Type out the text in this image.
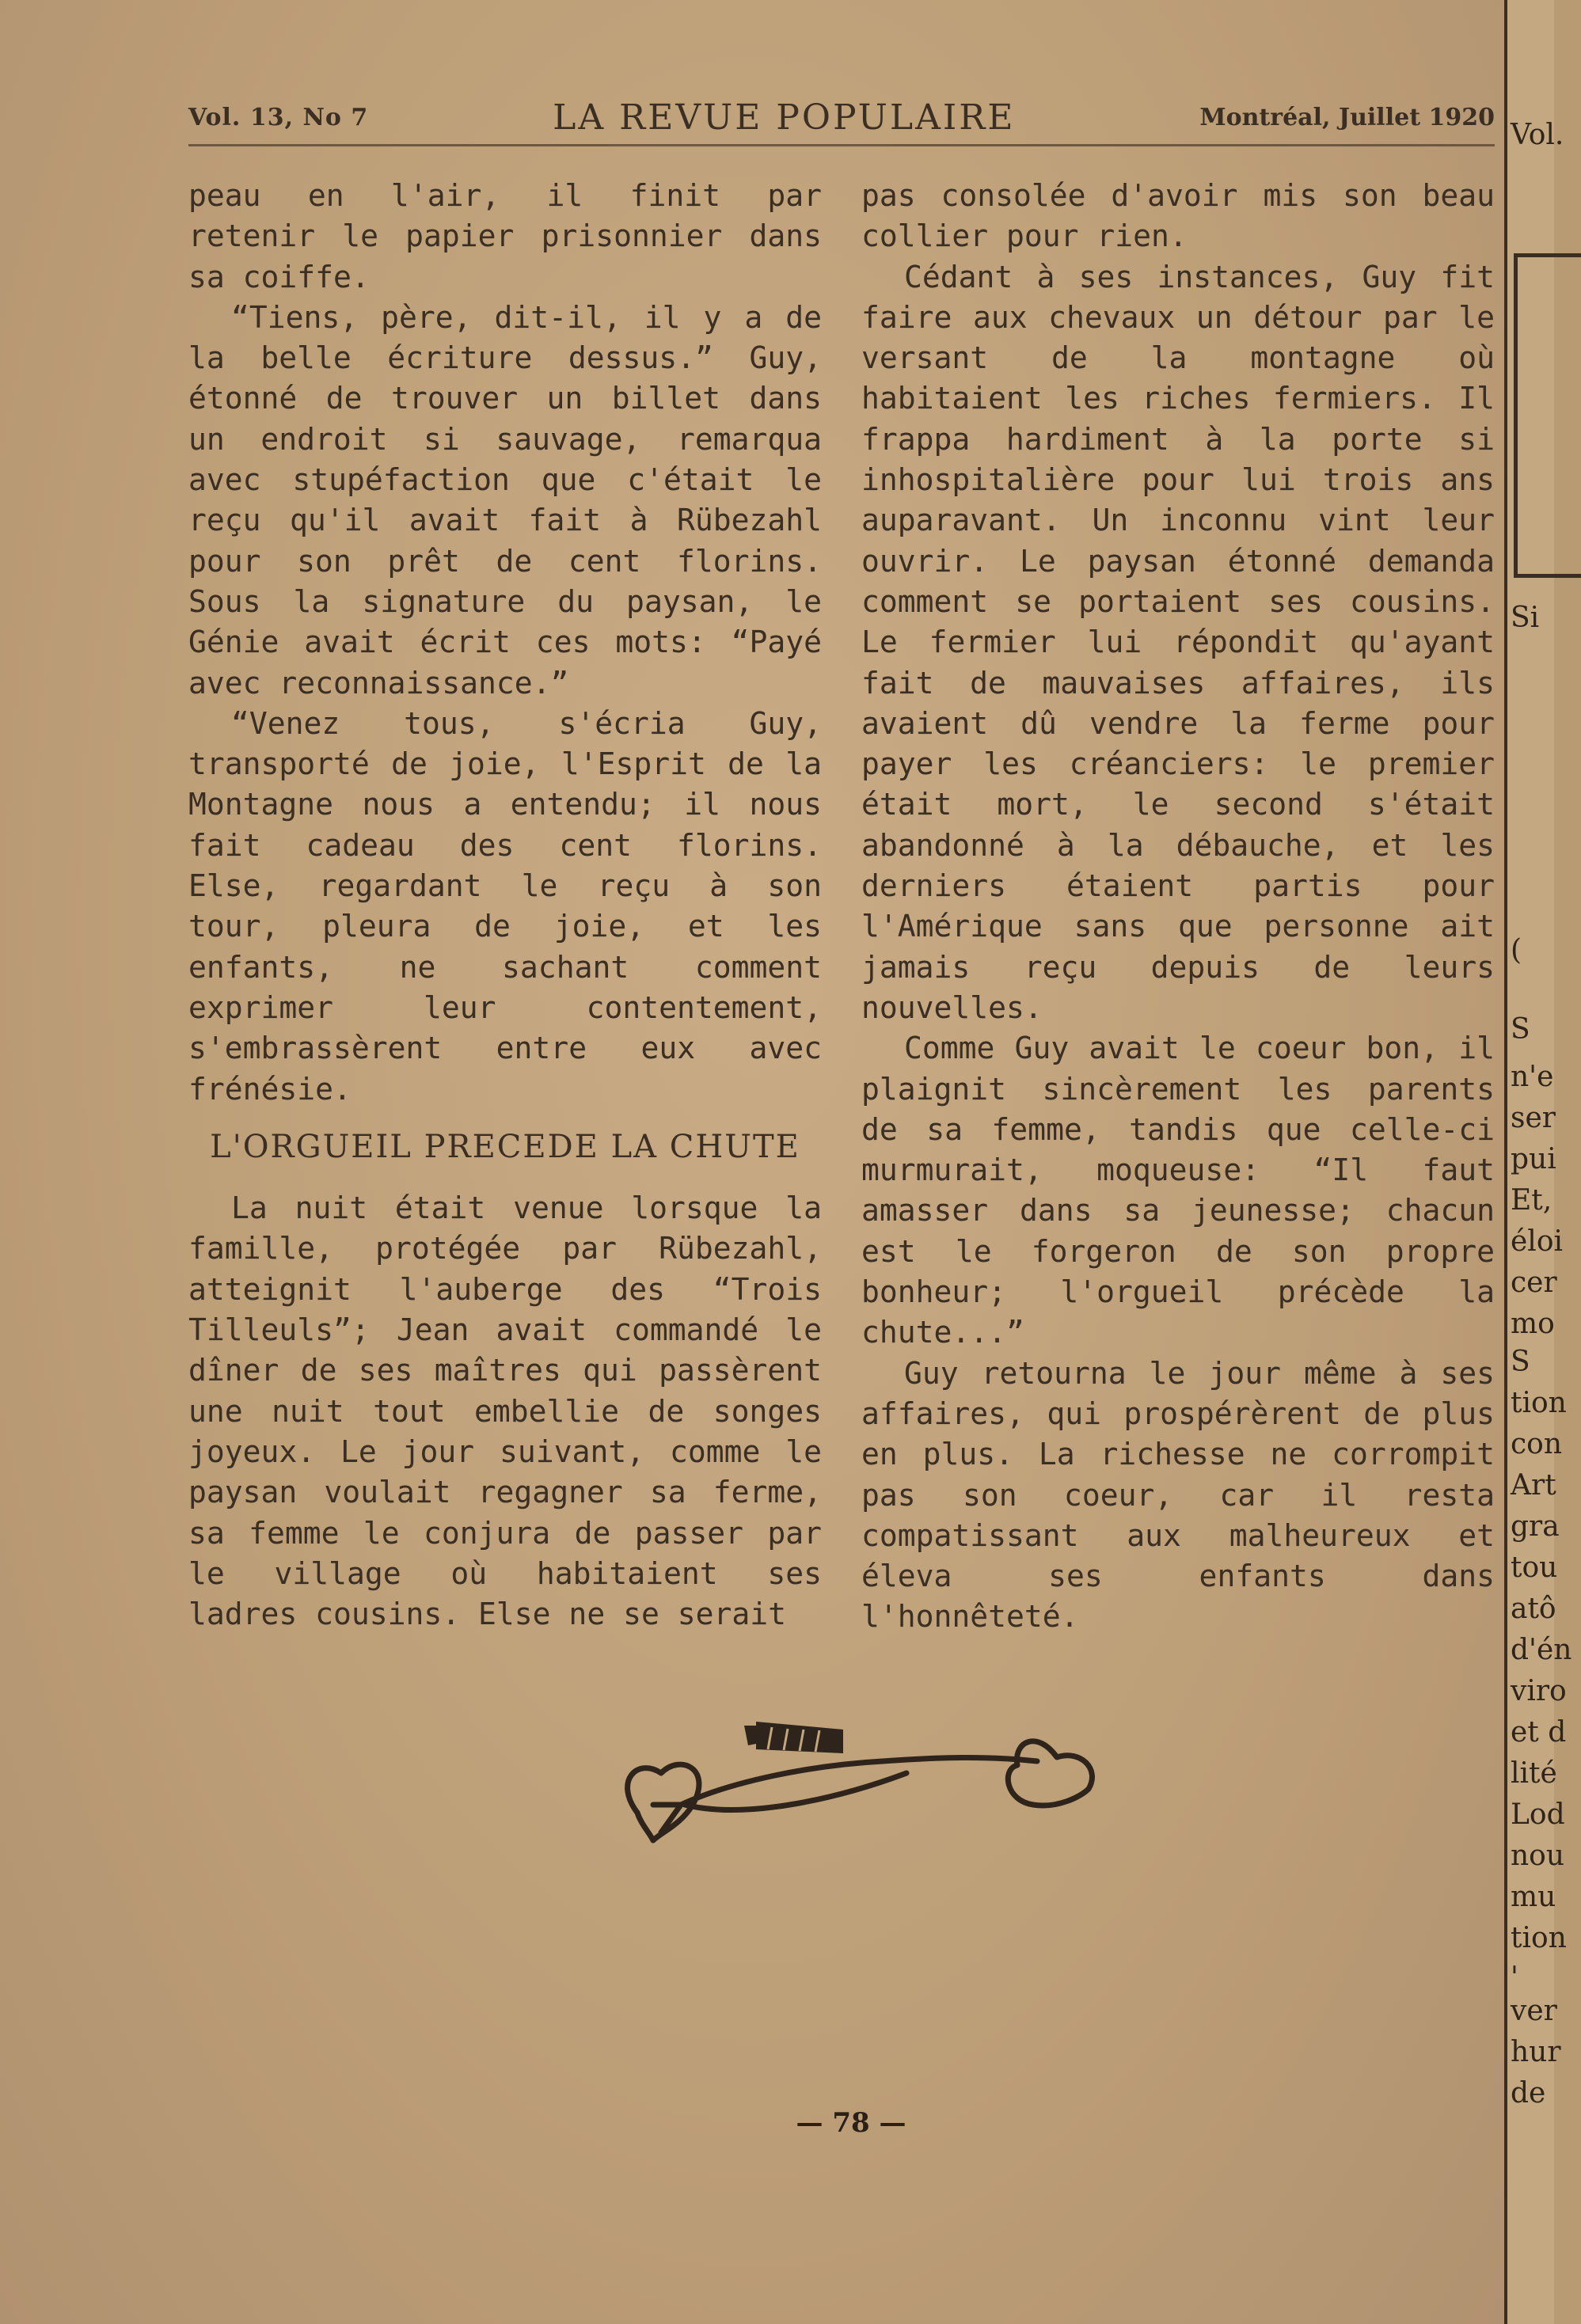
Vol. 13, No 7	LA REVUE POPULAIRE	Montréal, Juillet 1920

peau en l'air, il finit par retenir le papier prisonnier dans sa coiffe.

“Tiens, père, dit-il, il y a de la belle écriture dessus.” Guy, étonné de trouver un billet dans un endroit si sauvage, remarqua avec stupéfaction que c'était le reçu qu'il avait fait à Rübezahl pour son prêt de cent florins. Sous la signature du paysan, le Génie avait écrit ces mots: “Payé avec reconnaissance.”

“Venez tous, s'écria Guy, transporté de joie, l'Esprit de la Montagne nous a entendu; il nous fait cadeau des cent florins. Else, regardant le reçu à son tour, pleura de joie, et les enfants, ne sachant comment exprimer leur contentement, s'embrassèrent entre eux avec frénésie.

L'ORGUEIL PRECEDE LA CHUTE

La nuit était venue lorsque la famille, protégée par Rübezahl, atteignit l'auberge des “Trois Tilleuls”; Jean avait commandé le dîner de ses maîtres qui passèrent une nuit tout embellie de songes joyeux. Le jour suivant, comme le paysan voulait regagner sa ferme, sa femme le conjura de passer par le village où habitaient ses ladres cousins. Else ne se serait

pas consolée d'avoir mis son beau collier pour rien.

Cédant à ses instances, Guy fit faire aux chevaux un détour par le versant de la montagne où habitaient les riches fermiers. Il frappa hardiment à la porte si inhospitalière pour lui trois ans auparavant. Un inconnu vint leur ouvrir. Le paysan étonné demanda comment se portaient ses cousins. Le fermier lui répondit qu'ayant fait de mauvaises affaires, ils avaient dû vendre la ferme pour payer les créanciers: le premier était mort, le second s'était abandonné à la débauche, et les derniers étaient partis pour l'Amérique sans que personne ait jamais reçu depuis de leurs nouvelles.

Comme Guy avait le coeur bon, il plaignit sincèrement les parents de sa femme, tandis que celle-ci murmurait, moqueuse: “Il faut amasser dans sa jeunesse; chacun est le forgeron de son propre bonheur; l'orgueil précède la chute...”

Guy retourna le jour même à ses affaires, qui prospérèrent de plus en plus. La richesse ne corrompit pas son coeur, car il resta compatissant aux malheureux et éleva ses enfants dans l'honnêteté.

— 78 —
Vol.
Si
(
S
n'e
ser
pui
Et,
éloi
cer
mo
S
tion
con
Art
gra
tou
atô
d'én
viro
et d
lité
Lod
nou
mu
tion
'
ver
hur
de
